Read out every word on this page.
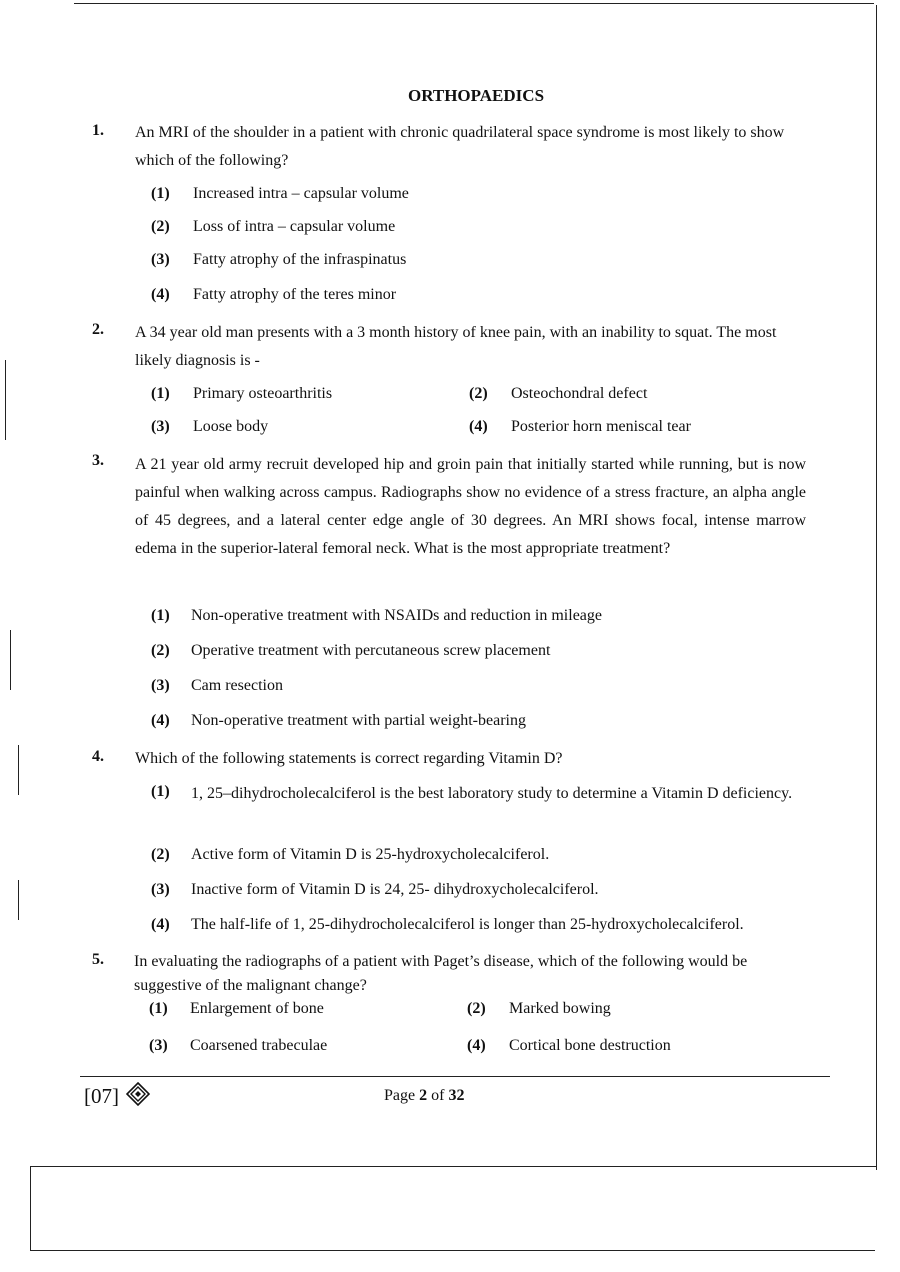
ORTHOPAEDICS
1. An MRI of the shoulder in a patient with chronic quadrilateral space syndrome is most likely to show which of the following?
(1) Increased intra – capsular volume
(2) Loss of intra – capsular volume
(3) Fatty atrophy of the infraspinatus
(4) Fatty atrophy of the teres minor
2. A 34 year old man presents with a 3 month history of knee pain, with an inability to squat. The most likely diagnosis is -
(1) Primary osteoarthritis	(2) Osteochondral defect
(3) Loose body	(4) Posterior horn meniscal tear
3. A 21 year old army recruit developed hip and groin pain that initially started while running, but is now painful when walking across campus. Radiographs show no evidence of a stress fracture, an alpha angle of 45 degrees, and a lateral center edge angle of 30 degrees. An MRI shows focal, intense marrow edema in the superior-lateral femoral neck. What is the most appropriate treatment?
(1) Non-operative treatment with NSAIDs and reduction in mileage
(2) Operative treatment with percutaneous screw placement
(3) Cam resection
(4) Non-operative treatment with partial weight-bearing
4. Which of the following statements is correct regarding Vitamin D?
(1) 1, 25–dihydrocholecalciferol is the best laboratory study to determine a Vitamin D deficiency.
(2) Active form of Vitamin D is 25-hydroxycholecalciferol.
(3) Inactive form of Vitamin D is 24, 25- dihydroxycholecalciferol.
(4) The half-life of 1, 25-dihydrocholecalciferol is longer than 25-hydroxycholecalciferol.
5. In evaluating the radiographs of a patient with Paget’s disease, which of the following would be suggestive of the malignant change?
(1) Enlargement of bone	(2) Marked bowing
(3) Coarsened trabeculae	(4) Cortical bone destruction
[07]	Page 2 of 32
